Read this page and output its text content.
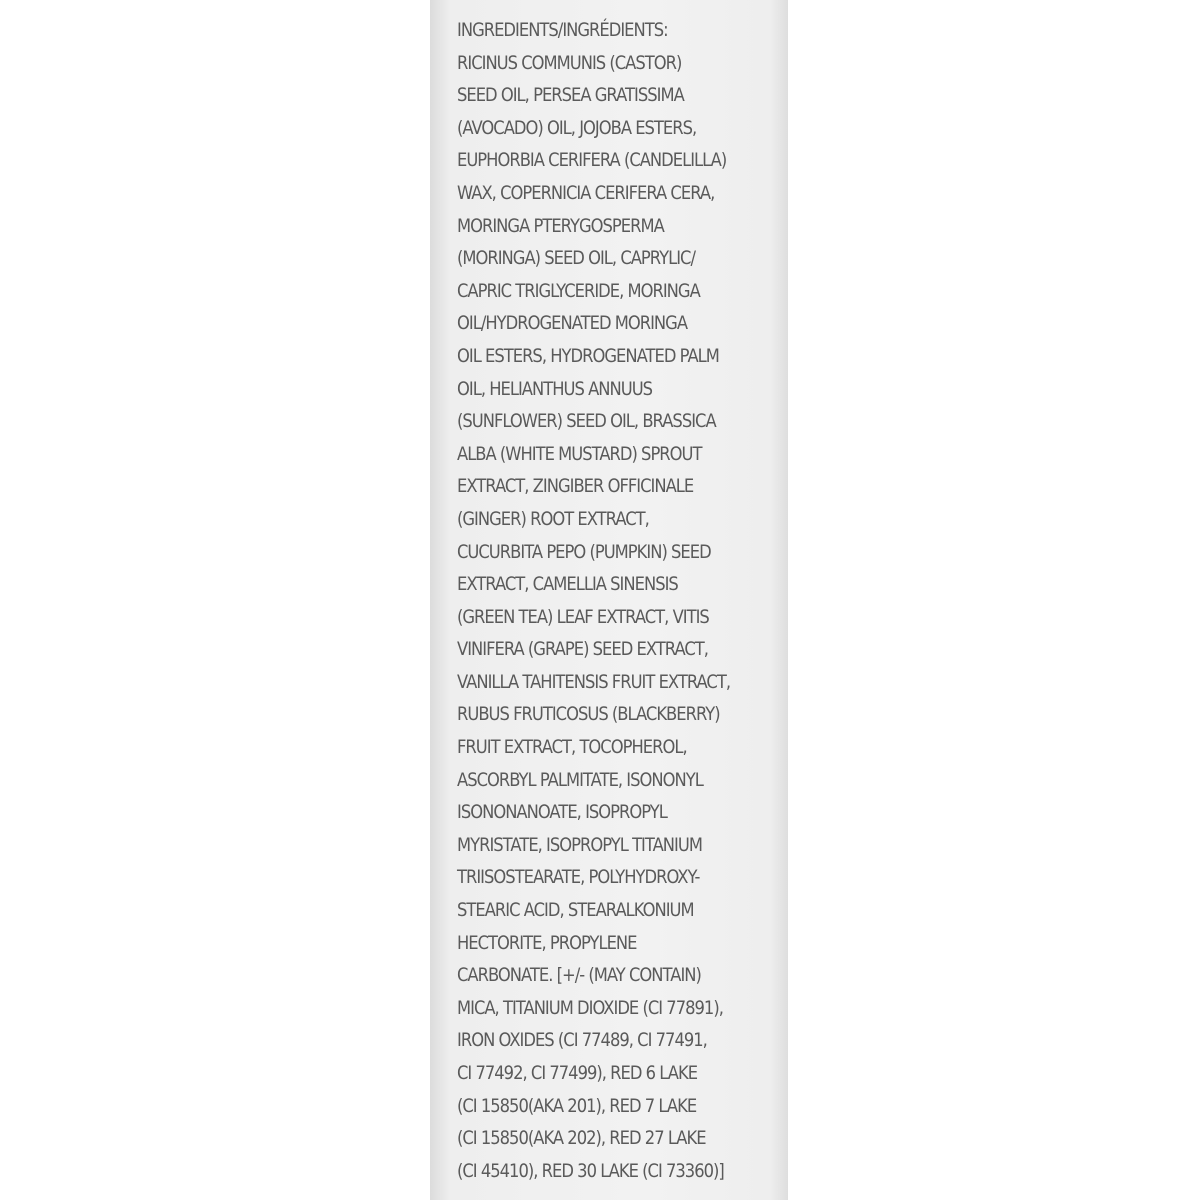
INGREDIENTS/INGRÉDIENTS:
RICINUS COMMUNIS (CASTOR)
SEED OIL, PERSEA GRATISSIMA
(AVOCADO) OIL, JOJOBA ESTERS,
EUPHORBIA CERIFERA (CANDELILLA)
WAX, COPERNICIA CERIFERA CERA,
MORINGA PTERYGOSPERMA
(MORINGA) SEED OIL, CAPRYLIC/
CAPRIC TRIGLYCERIDE, MORINGA
OIL/HYDROGENATED MORINGA
OIL ESTERS, HYDROGENATED PALM
OIL, HELIANTHUS ANNUUS
(SUNFLOWER) SEED OIL, BRASSICA
ALBA (WHITE MUSTARD) SPROUT
EXTRACT, ZINGIBER OFFICINALE
(GINGER) ROOT EXTRACT,
CUCURBITA PEPO (PUMPKIN) SEED
EXTRACT, CAMELLIA SINENSIS
(GREEN TEA) LEAF EXTRACT, VITIS
VINIFERA (GRAPE) SEED EXTRACT,
VANILLA TAHITENSIS FRUIT EXTRACT,
RUBUS FRUTICOSUS (BLACKBERRY)
FRUIT EXTRACT, TOCOPHEROL,
ASCORBYL PALMITATE, ISONONYL
ISONONANOATE, ISOPROPYL
MYRISTATE, ISOPROPYL TITANIUM
TRIISOSTEARATE, POLYHYDROXY-
STEARIC ACID, STEARALKONIUM
HECTORITE, PROPYLENE
CARBONATE. [+/- (MAY CONTAIN)
MICA, TITANIUM DIOXIDE (CI 77891),
IRON OXIDES (CI 77489, CI 77491,
CI 77492, CI 77499), RED 6 LAKE
(CI 15850(AKA 201), RED 7 LAKE
(CI 15850(AKA 202), RED 27 LAKE
(CI 45410), RED 30 LAKE (CI 73360)]
